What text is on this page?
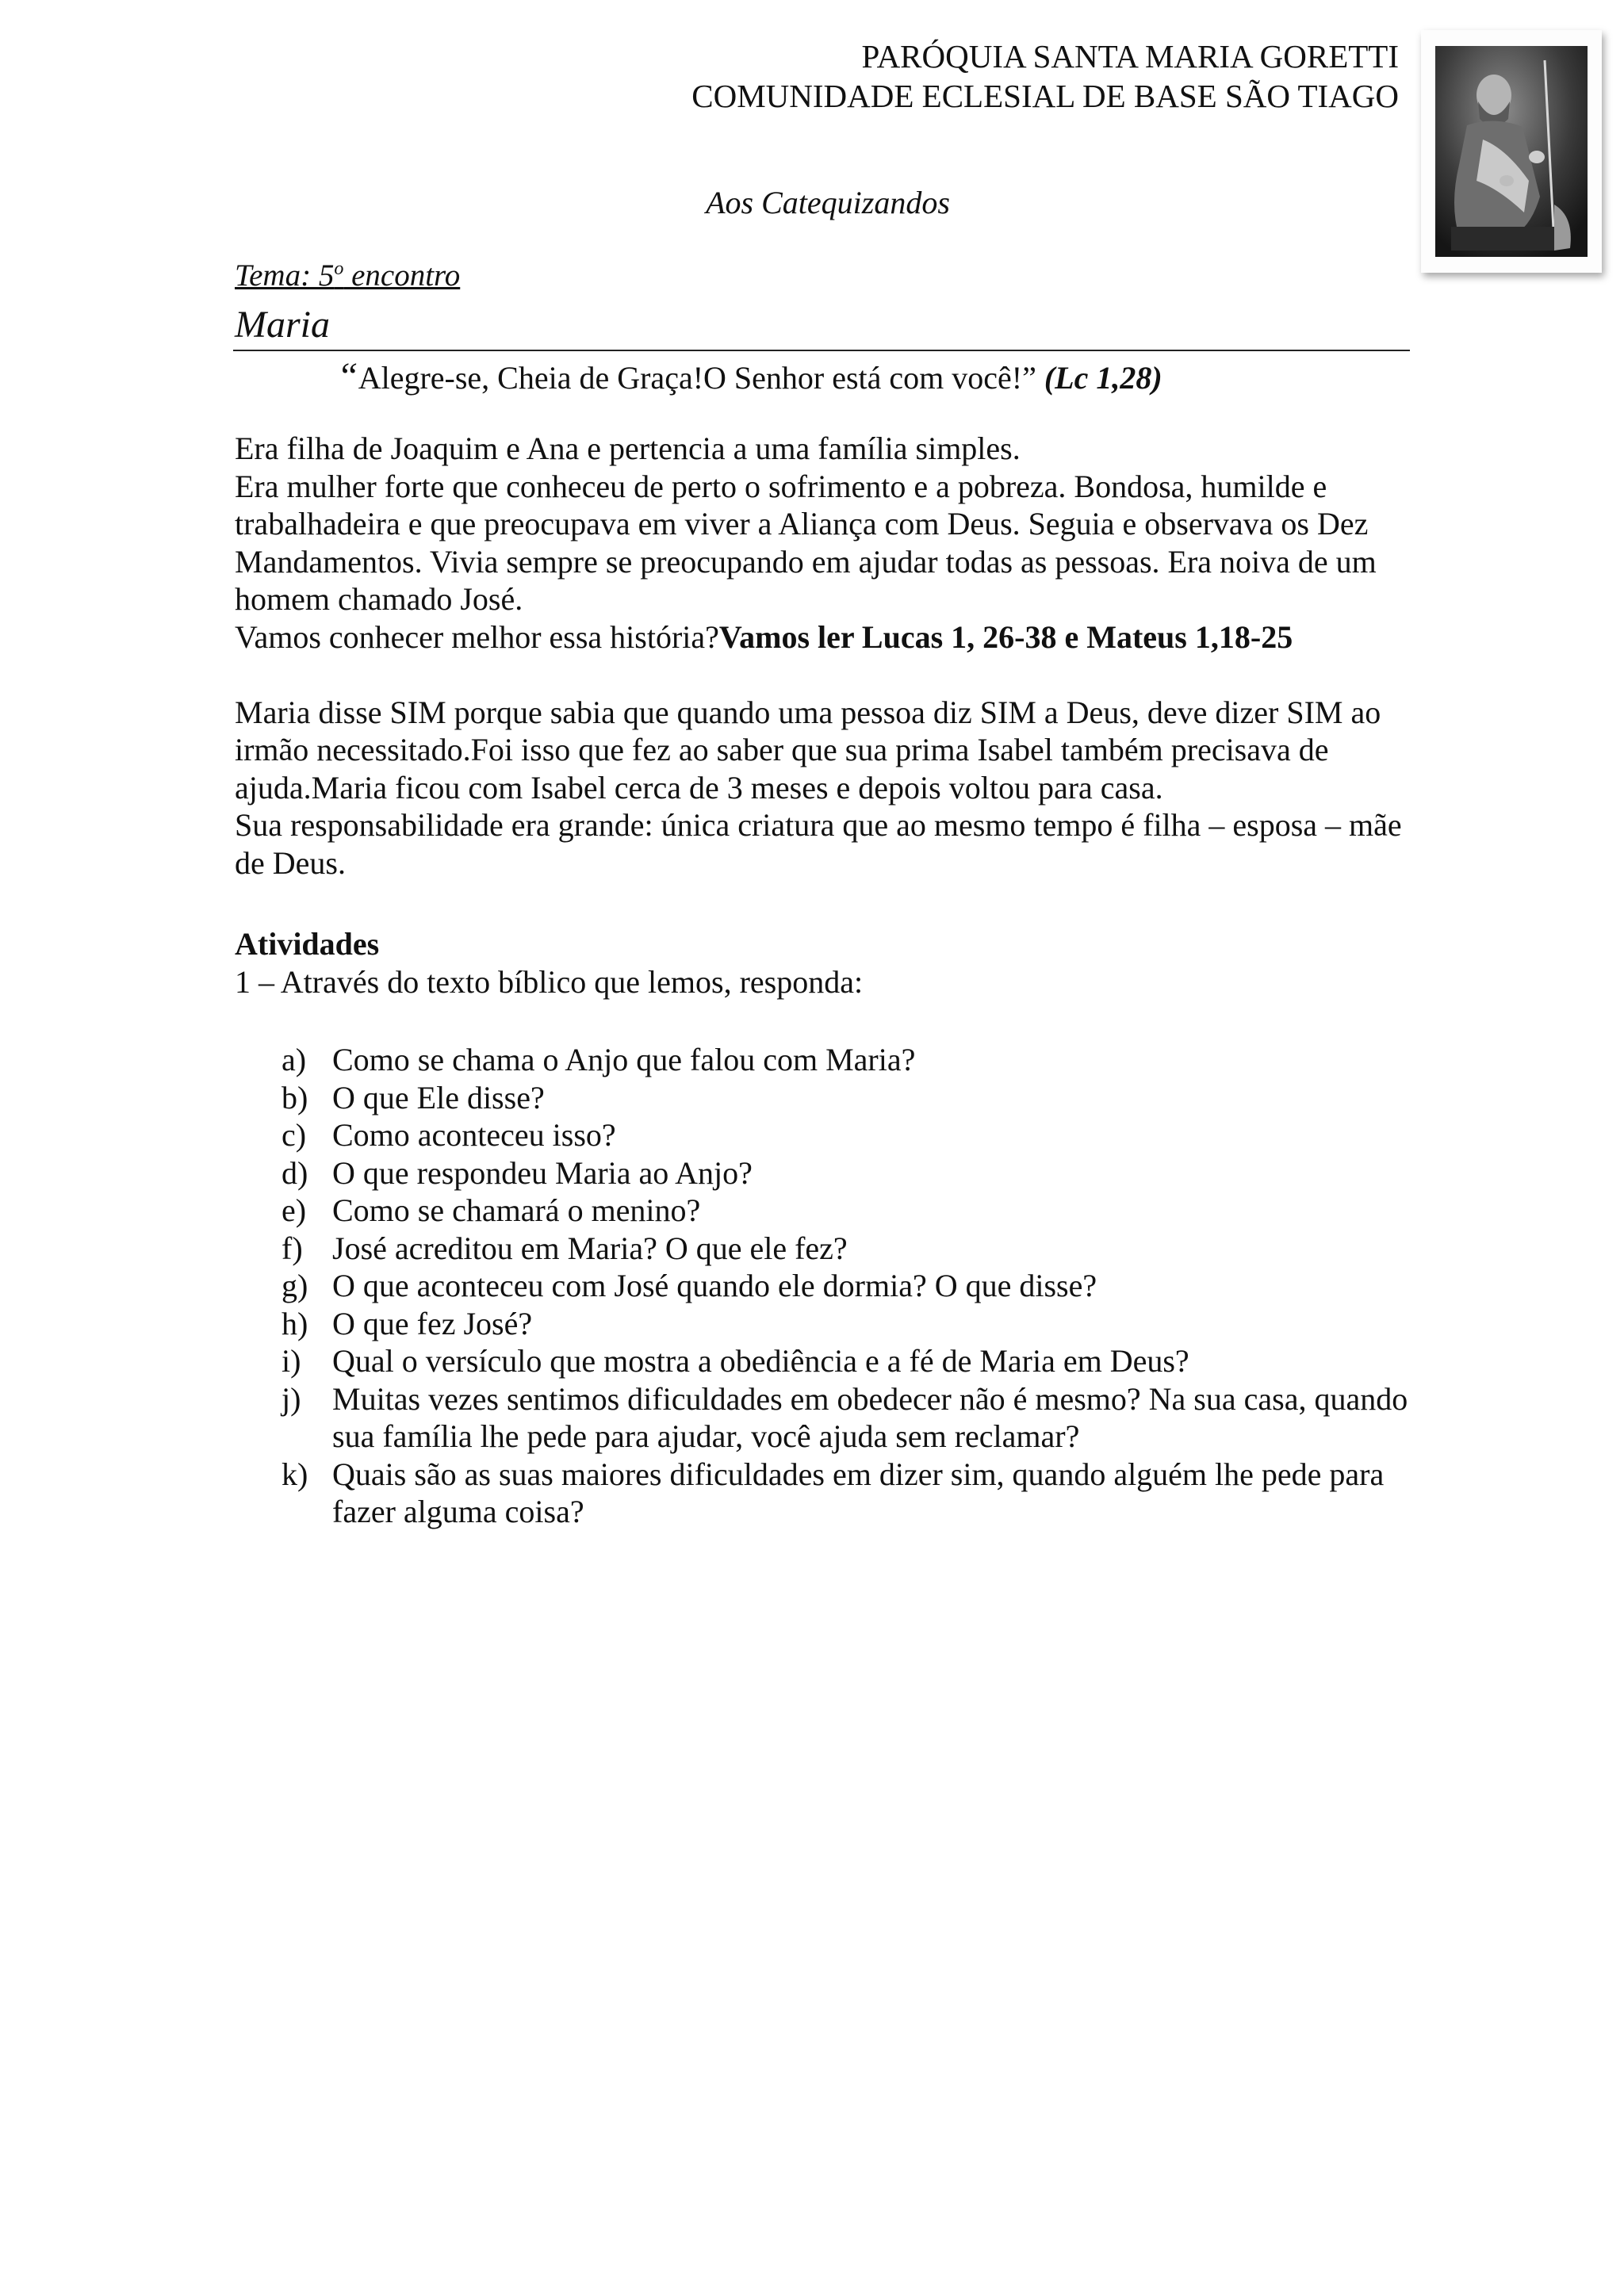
PARÓQUIA SANTA MARIA GORETTI
COMUNIDADE ECLESIAL DE BASE SÃO TIAGO
Aos Catequizandos
Tema: 5$^o$ encontro
Maria
“Alegre-se, Cheia de Graça!O Senhor está com você!” (Lc 1,28)

Era filha de Joaquim e Ana e pertencia a uma família simples.

Era mulher forte que conheceu de perto o sofrimento e a pobreza. Bondosa, humilde e trabalhadeira e que preocupava em viver a Aliança com Deus. Seguia e observava os Dez Mandamentos. Vivia sempre se preocupando em ajudar todas as pessoas. Era noiva de um homem chamado José.

Vamos conhecer melhor essa história?Vamos ler Lucas 1, 26-38 e Mateus 1,18-25

Maria disse SIM porque sabia que quando uma pessoa diz SIM a Deus, deve dizer SIM ao irmão necessitado.Foi isso que fez ao saber que sua prima Isabel também precisava de ajuda.Maria ficou com Isabel cerca de 3 meses e depois voltou para casa.

Sua responsabilidade era grande: única criatura que ao mesmo tempo é filha – esposa – mãe de Deus.

Atividades
1 – Através do texto bíblico que lemos, responda:
a) Como se chama o Anjo que falou com Maria?
b) O que Ele disse?
c) Como aconteceu isso?
d) O que respondeu Maria ao Anjo?
e) Como se chamará o menino?
f) José acreditou em Maria? O que ele fez?
g) O que aconteceu com José quando ele dormia? O que disse?
h) O que fez José?
i) Qual o versículo que mostra a obediência e a fé de Maria em Deus?
j) Muitas vezes sentimos dificuldades em obedecer não é mesmo? Na sua casa, quando sua família lhe pede para ajudar, você ajuda sem reclamar?
k) Quais são as suas maiores dificuldades em dizer sim, quando alguém lhe pede para fazer alguma coisa?
